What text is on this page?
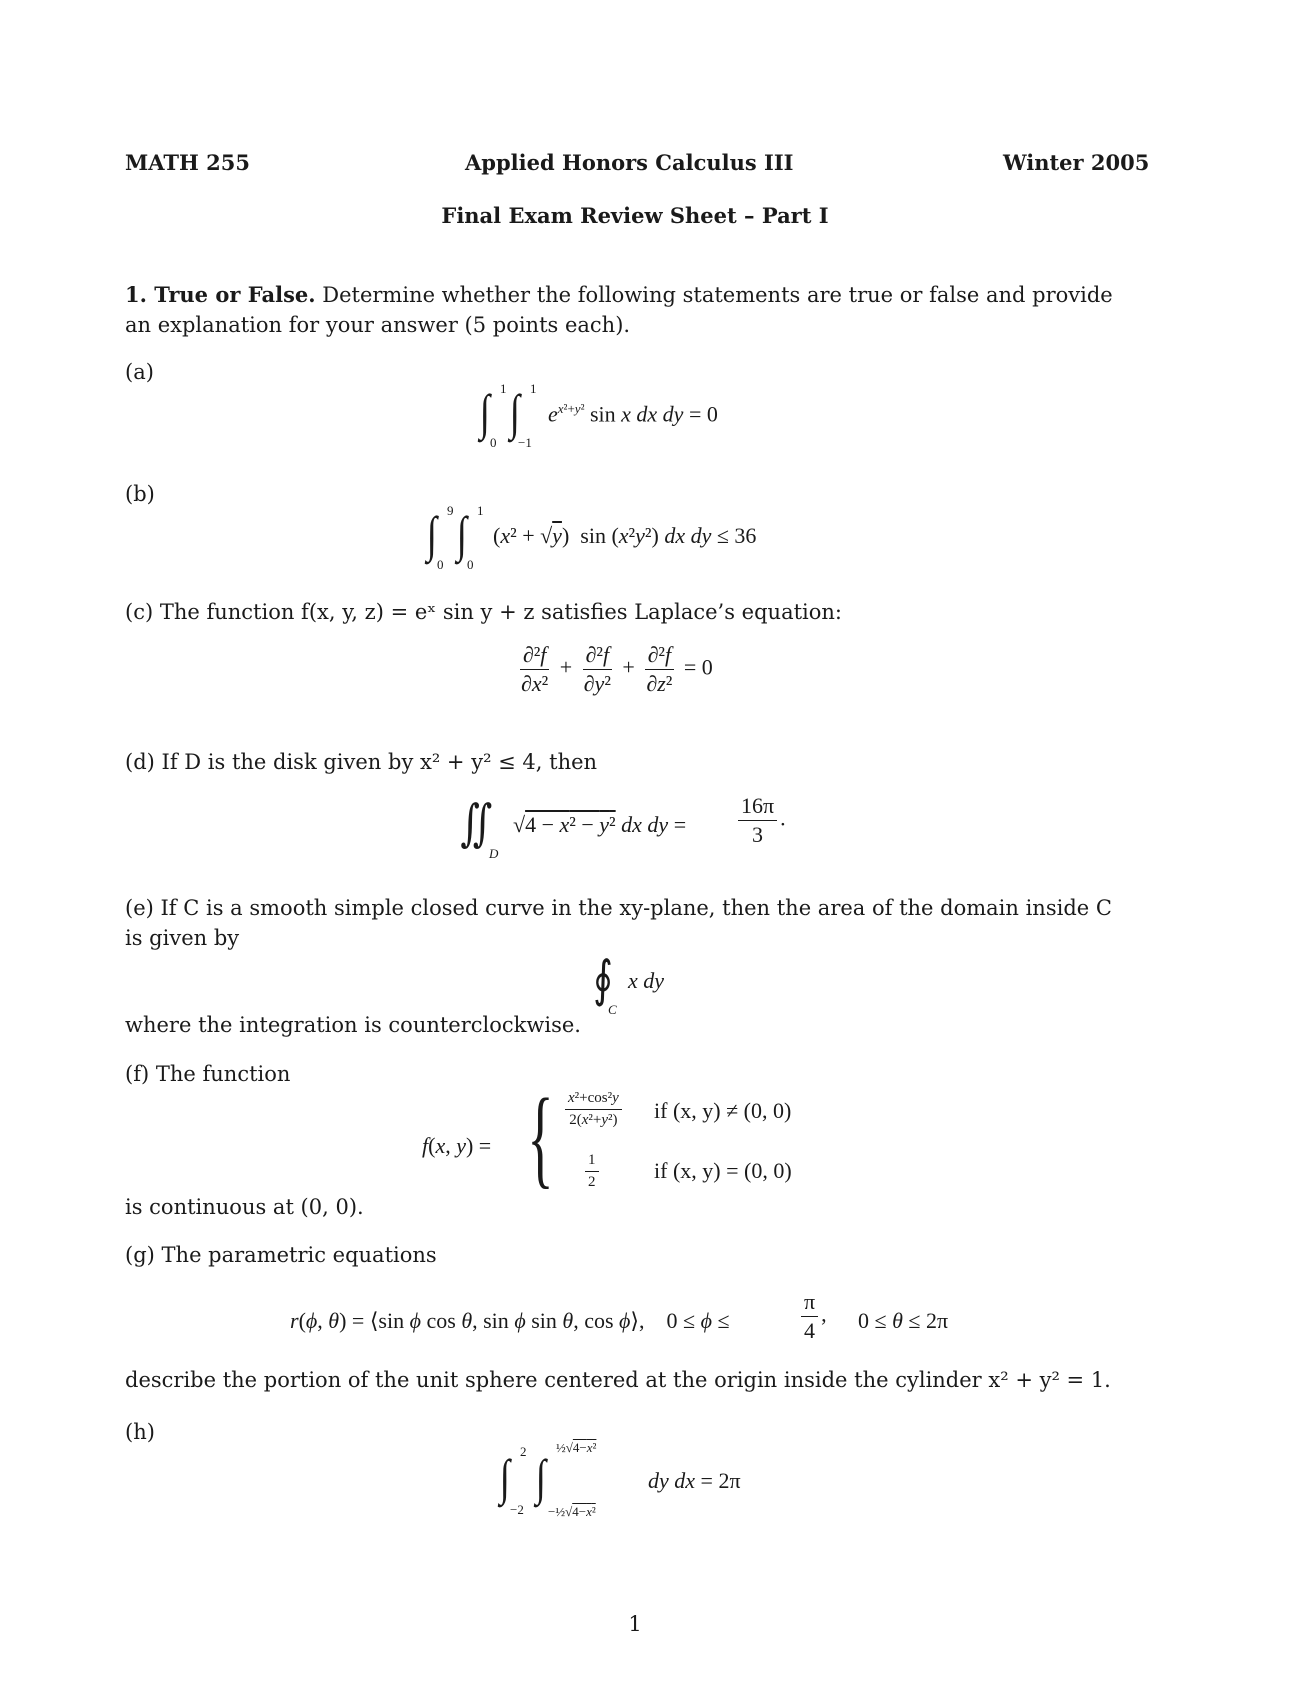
MATH 255	Applied Honors Calculus III	Winter 2005
Final Exam Review Sheet – Part I
1. True or False. Determine whether the following statements are true or false and provide an explanation for your answer (5 points each).
(a)
∫ 1
0
∫ 1
−1
$e^{x^2+y^2}$ sin x dx dy = 0
(b)
∫ 9
0
∫ 1
0
(x² + √y)  sin (x²y²) dx dy ≤ 36
(c) The function f(x, y, z) = eˣ sin y + z satisfies Laplace’s equation:
$\frac{\text{∂²f}}{\text{∂x²}} + \frac{\text{∂²f}}{\text{∂y²}} + \frac{\text{∂²f}}{\text{∂z²}} = 0$
(d) If D is the disk given by x² + y² ≤ 4, then
∬
D
√4 − x² − y² dx dy = $\frac{16\pi}{3}$ .
(e) If C is a smooth simple closed curve in the xy-plane, then the area of the domain inside C is given by
∮
C
x dy
where the integration is counterclockwise.
(f) The function
f(x, y) = { $\frac{\text{x²+cos²y}}{\text{2(x²+y²)}}$ if (x, y) ≠ (0, 0)
$\frac{1}{2}$	if (x, y) = (0, 0)
is continuous at (0, 0).
(g) The parametric equations
r(ϕ, θ) = ⟨sin ϕ cos θ, sin ϕ sin θ, cos ϕ⟩,    0 ≤ ϕ ≤	$\frac{\pi}{4}$ , 0 ≤ θ ≤ 2π
describe the portion of the unit sphere centered at the origin inside the cylinder x² + y² = 1.
(h)
∫ 2
−2
∫
½√4−x²
−½√4−x²
dy dx = 2π
1
